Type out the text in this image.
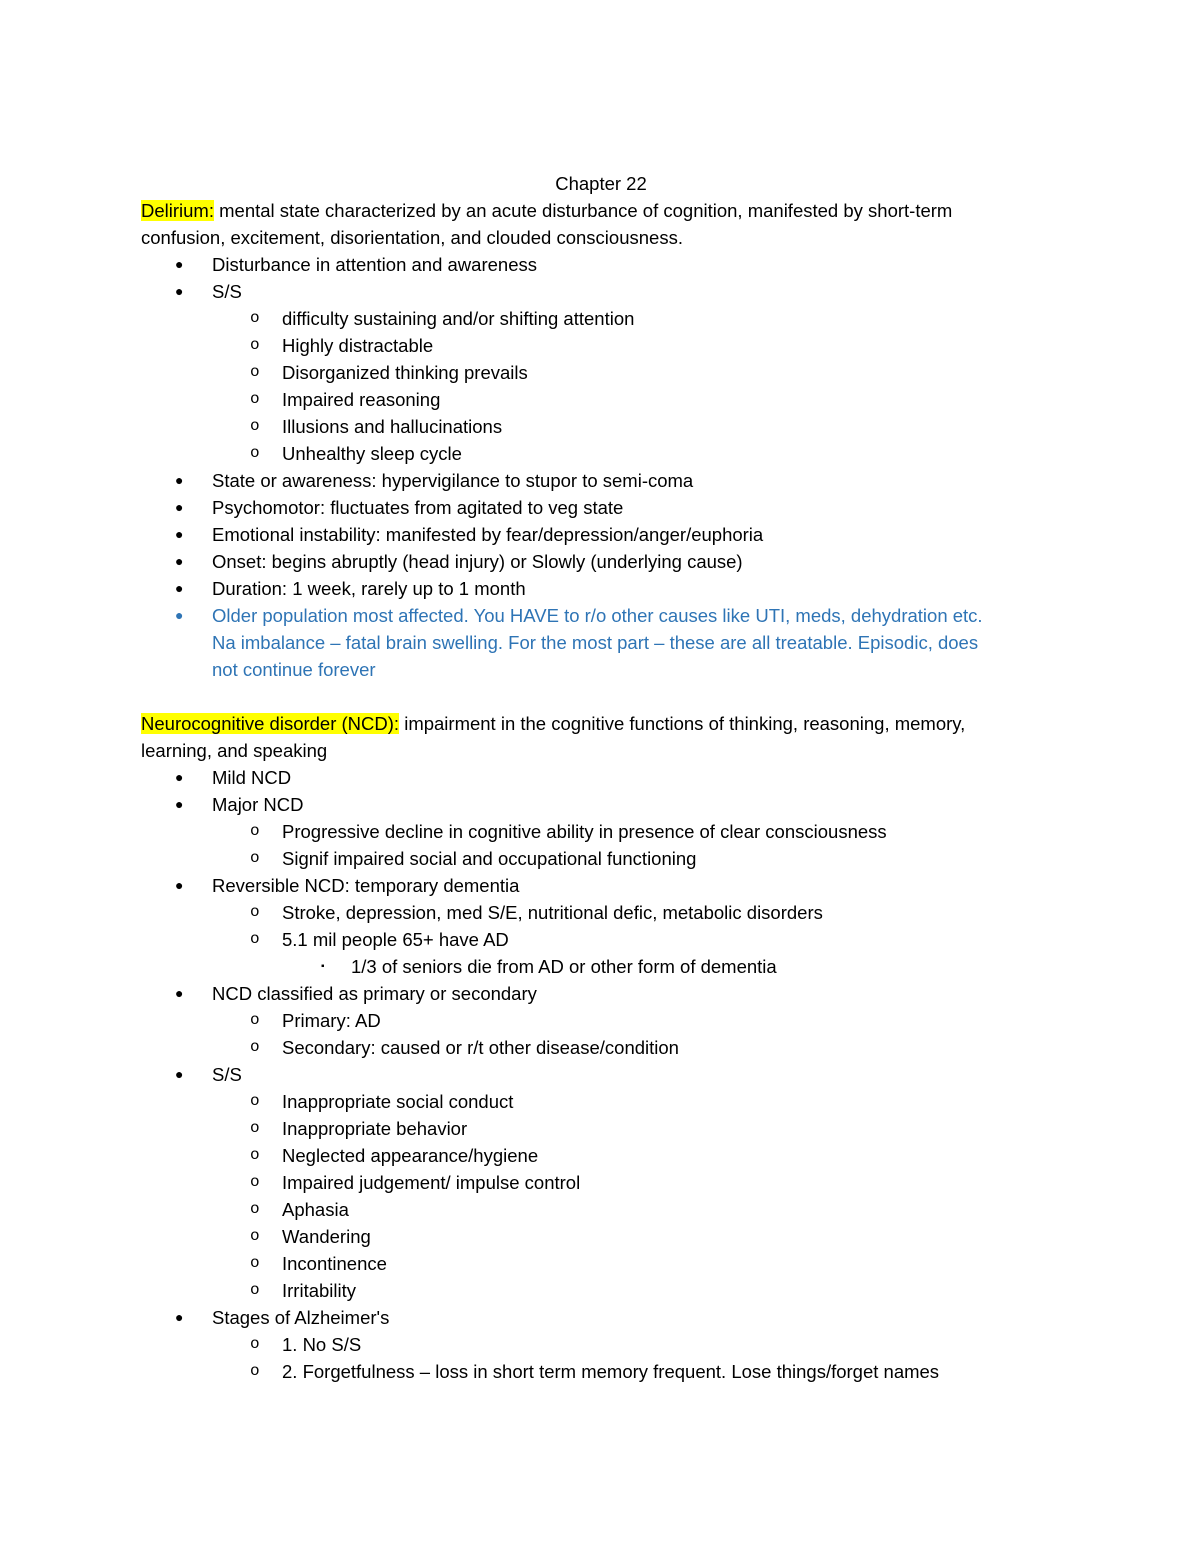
Chapter 22
Delirium: mental state characterized by an acute disturbance of cognition, manifested by short-term
confusion, excitement, disorientation, and clouded consciousness.
● Disturbance in attention and awareness
● S/S
o difficulty sustaining and/or shifting attention
o Highly distractable
o Disorganized thinking prevails
o Impaired reasoning
o Illusions and hallucinations
o Unhealthy sleep cycle
● State or awareness: hypervigilance to stupor to semi-coma
● Psychomotor: fluctuates from agitated to veg state
● Emotional instability: manifested by fear/depression/anger/euphoria
● Onset: begins abruptly (head injury) or Slowly (underlying cause)
● Duration: 1 week, rarely up to 1 month
● Older population most affected. You HAVE to r/o other causes like UTI, meds, dehydration etc.
Na imbalance – fatal brain swelling. For the most part – these are all treatable. Episodic, does
not continue forever
Neurocognitive disorder (NCD): impairment in the cognitive functions of thinking, reasoning, memory,
learning, and speaking
● Mild NCD
● Major NCD
o Progressive decline in cognitive ability in presence of clear consciousness
o Signif impaired social and occupational functioning
● Reversible NCD: temporary dementia
o Stroke, depression, med S/E, nutritional defic, metabolic disorders
o 5.1 mil people 65+ have AD
▪ 1/3 of seniors die from AD or other form of dementia
● NCD classified as primary or secondary
o Primary: AD
o Secondary: caused or r/t other disease/condition
● S/S
o Inappropriate social conduct
o Inappropriate behavior
o Neglected appearance/hygiene
o Impaired judgement/ impulse control
o Aphasia
o Wandering
o Incontinence
o Irritability
● Stages of Alzheimer's
o 1. No S/S
o 2. Forgetfulness – loss in short term memory frequent. Lose things/forget names
